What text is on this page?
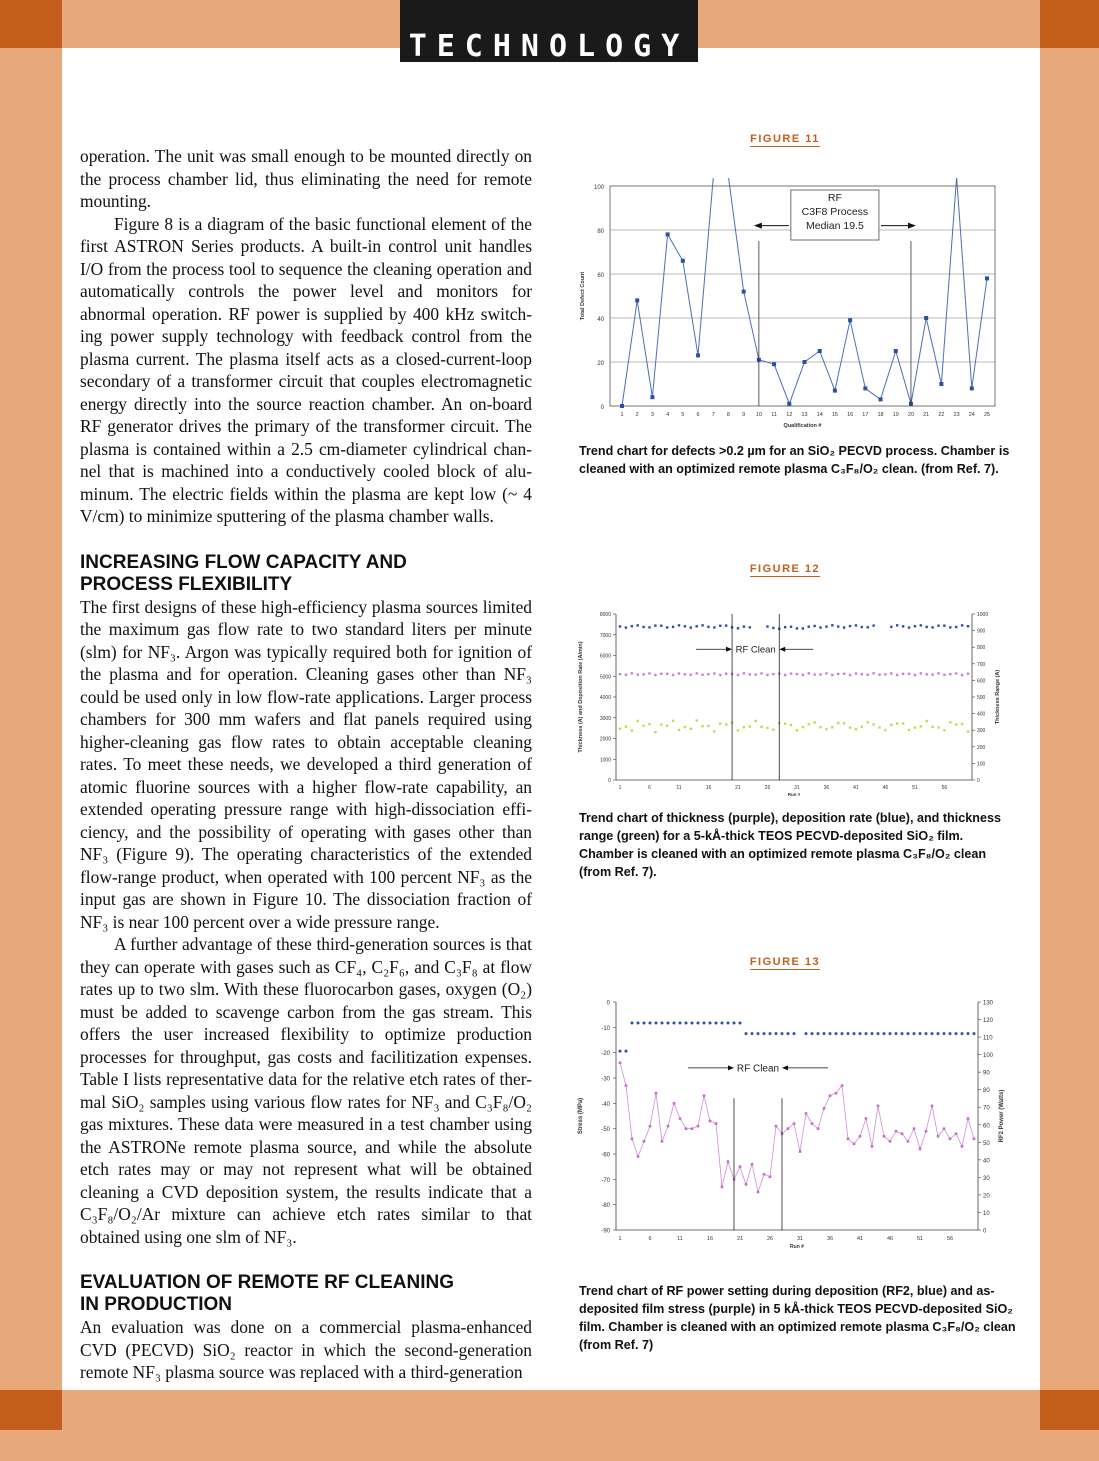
TECHNOLOGY

operation. The unit was small enough to be mounted directly on the process chamber lid, thus eliminating the need for remote mounting.

Figure 8 is a diagram of the basic functional element of the first ASTRON Series products. A built-in control unit handles I/O from the process tool to sequence the cleaning operation and automatically controls the power level and monitors for abnormal operation. RF power is supplied by 400 kHz switch-ing power supply technology with feedback control from the plasma current. The plasma itself acts as a closed-current-loop secondary of a transformer circuit that couples electromagnetic energy directly into the source reaction chamber. An on-board RF generator drives the primary of the transformer circuit. The plasma is contained within a 2.5 cm-diameter cylindrical chan-nel that is machined into a conductively cooled block of alu-minum. The electric fields within the plasma are kept low (~ 4 V/cm) to minimize sputtering of the plasma chamber walls.

INCREASING FLOW CAPACITY AND
PROCESS FLEXIBILITY

The first designs of these high-efficiency plasma sources limited the maximum gas flow rate to two standard liters per minute (slm) for NF₃. Argon was typically required both for ignition of the plasma and for operation. Cleaning gases other than NF₃ could be used only in low flow-rate applications. Larger process chambers for 300 mm wafers and flat panels required using higher-cleaning gas flow rates to obtain acceptable cleaning rates. To meet these needs, we developed a third generation of atomic fluorine sources with a higher flow-rate capability, an extended operating pressure range with high-dissociation effi-ciency, and the possibility of operating with gases other than NF₃ (Figure 9). The operating characteristics of the extended flow-range product, when operated with 100 percent NF₃ as the input gas are shown in Figure 10. The dissociation fraction of NF₃ is near 100 percent over a wide pressure range.

A further advantage of these third-generation sources is that they can operate with gases such as CF₄, C₂F₆, and C₃F₈ at flow rates up to two slm. With these fluorocarbon gases, oxygen (O₂) must be added to scavenge carbon from the gas stream. This offers the user increased flexibility to optimize production processes for throughput, gas costs and facilitization expenses. Table I lists representative data for the relative etch rates of ther-mal SiO₂ samples using various flow rates for NF₃ and C₃F₈/O₂ gas mixtures. These data were measured in a test chamber using the ASTRONe remote plasma source, and while the absolute etch rates may or may not represent what will be obtained cleaning a CVD deposition system, the results indicate that a C₃F₈/O₂/Ar mixture can achieve etch rates similar to that obtained using one slm of NF₃.

EVALUATION OF REMOTE RF CLEANING
IN PRODUCTION

An evaluation was done on a commercial plasma-enhanced CVD (PECVD) SiO₂ reactor in which the second-generation remote NF₃ plasma source was replaced with a third-generation

FIGURE 11
0
20
40
60
80
100
1 2 3 4 5 6 7 8 9 10 11 12 13 14 15 16 17 18 19 20 21 22 23 24 25
Qualification #
Total Defect Count
RF
C3F8 Process
Median 19.5
Trend chart for defects >0.2 µm for an SiO₂ PECVD process. Chamber is cleaned with an optimized remote plasma C₃F₈/O₂ clean. (from Ref. 7).
FIGURE 12
0
1000
2000
3000
4000
5000
6000
7000
8000
0
100
200
300
400
500
600
700
800
900
1000
1	6	11	16	21	26	31	36	41	46	51	56
Run #
Thickness (A) and Deposition Rate (A/min)	Thickness Range (A)
RF Clean
Trend chart of thickness (purple), deposition rate (blue), and thickness range (green) for a 5-kÅ-thick TEOS PECVD-deposited SiO₂ film. Chamber is cleaned with an optimized remote plasma C₃F₈/O₂ clean (from Ref. 7).
FIGURE 13
0
-10
-20
-30
-40
-50
-60
-70
-80
-90	0
10
20
30
40
50
60
70
80
90
100
110
120
130
1	6	11	16	21	26	31	36	41	46	51	56
Run #
Stress (MPa)	RF2 Power (Watts)
RF Clean
Trend chart of RF power setting during deposition (RF2, blue) and as-deposited film stress (purple) in 5 kÅ-thick TEOS PECVD-deposited SiO₂ film. Chamber is cleaned with an optimized remote plasma C₃F₈/O₂ clean (from Ref. 7)
